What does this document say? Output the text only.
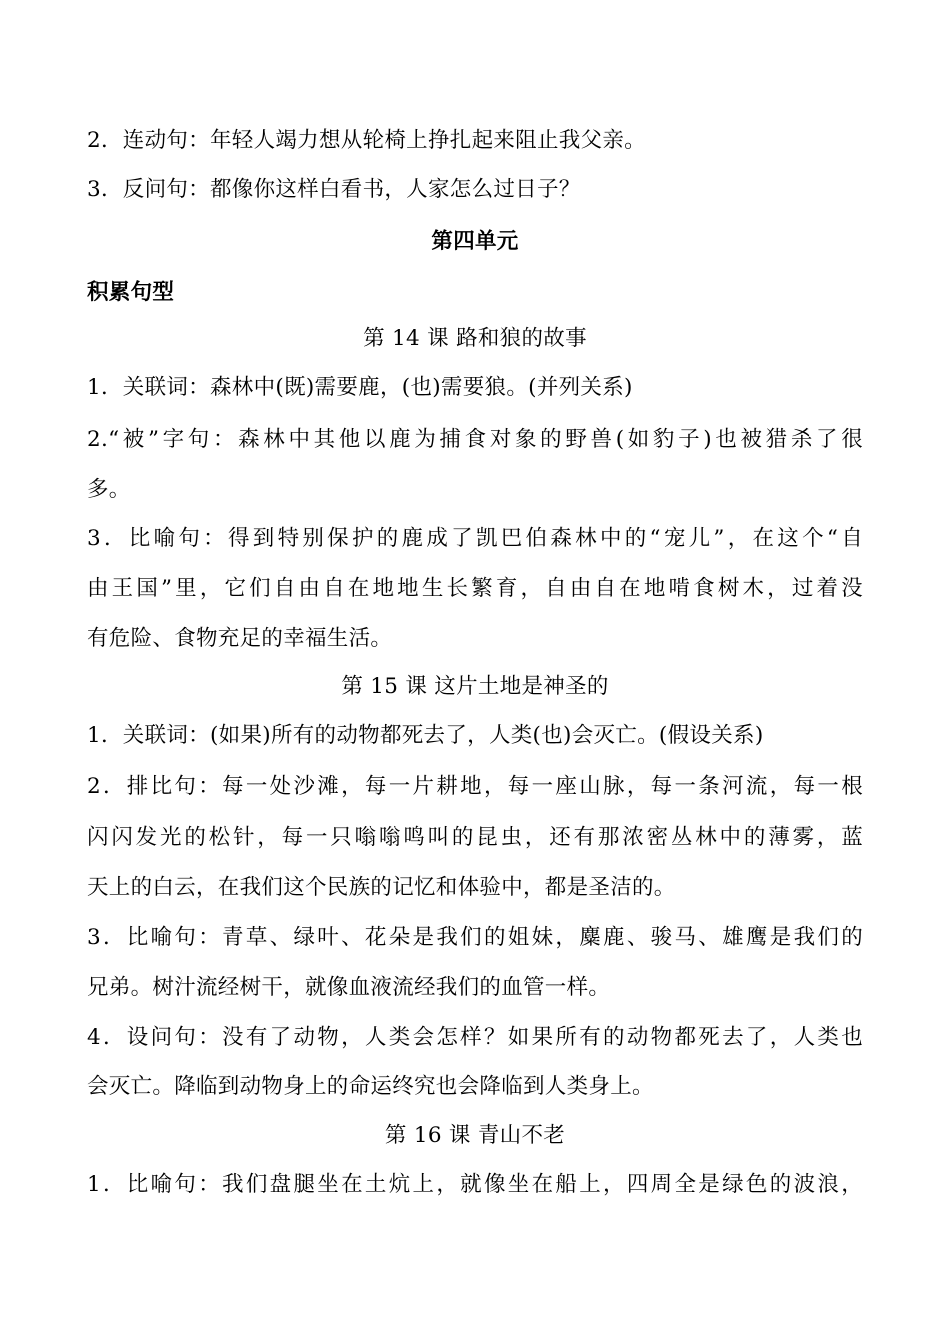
2．连动句：年轻人竭力想从轮椅上挣扎起来阻止我父亲。
3．反问句：都像你这样白看书，人家怎么过日子？
第四单元
积累句型
第 14 课 路和狼的故事
1．关联词：森林中(既)需要鹿，(也)需要狼。(并列关系)
2.“被”字句：森林中其他以鹿为捕食对象的野兽(如豹子)也被猎杀了很
多。
3．比喻句：得到特别保护的鹿成了凯巴伯森林中的“宠儿”，在这个“自
由王国”里，它们自由自在地地生长繁育，自由自在地啃食树木，过着没
有危险、食物充足的幸福生活。
第 15 课 这片土地是神圣的
1．关联词：(如果)所有的动物都死去了，人类(也)会灭亡。(假设关系)
2．排比句：每一处沙滩，每一片耕地，每一座山脉，每一条河流，每一根
闪闪发光的松针，每一只嗡嗡鸣叫的昆虫，还有那浓密丛林中的薄雾，蓝
天上的白云，在我们这个民族的记忆和体验中，都是圣洁的。
3．比喻句：青草、绿叶、花朵是我们的姐妹，麋鹿、骏马、雄鹰是我们的
兄弟。树汁流经树干，就像血液流经我们的血管一样。
4．设问句：没有了动物，人类会怎样？如果所有的动物都死去了，人类也
会灭亡。降临到动物身上的命运终究也会降临到人类身上。
第 16 课 青山不老
1．比喻句：我们盘腿坐在土炕上，就像坐在船上，四周全是绿色的波浪，
